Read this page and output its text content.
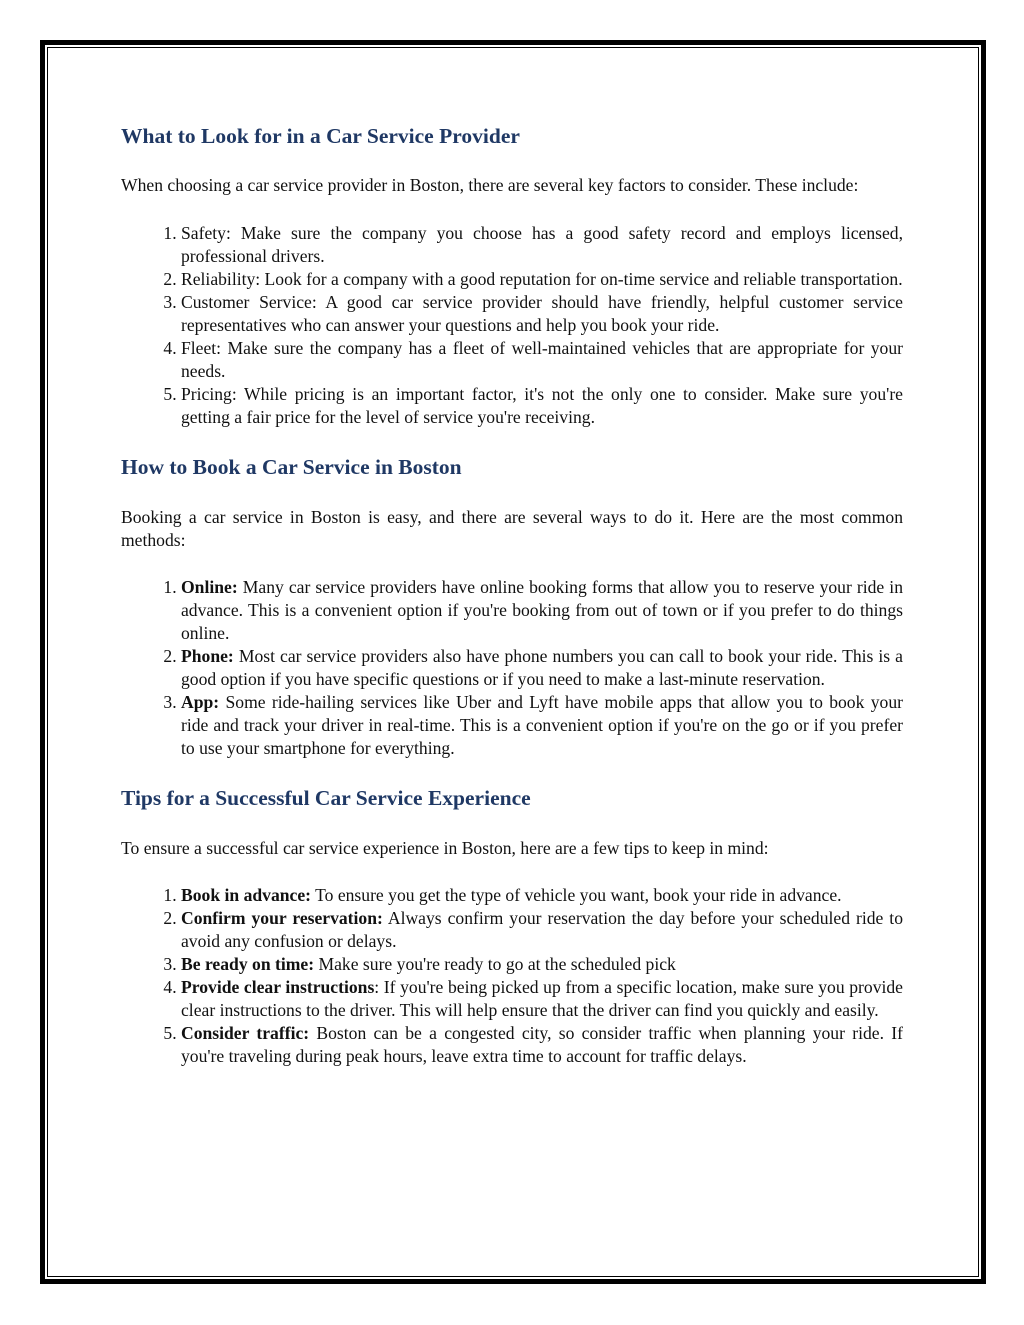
What to Look for in a Car Service Provider

When choosing a car service provider in Boston, there are several key factors to consider. These include:

1. Safety: Make sure the company you choose has a good safety record and employs licensed, professional drivers.
2. Reliability: Look for a company with a good reputation for on-time service and reliable transportation.
3. Customer Service: A good car service provider should have friendly, helpful customer service representatives who can answer your questions and help you book your ride.
4. Fleet: Make sure the company has a fleet of well-maintained vehicles that are appropriate for your needs.
5. Pricing: While pricing is an important factor, it's not the only one to consider. Make sure you're getting a fair price for the level of service you're receiving.
How to Book a Car Service in Boston

Booking a car service in Boston is easy, and there are several ways to do it. Here are the most common methods:

1. Online: Many car service providers have online booking forms that allow you to reserve your ride in advance. This is a convenient option if you're booking from out of town or if you prefer to do things online.
2. Phone: Most car service providers also have phone numbers you can call to book your ride. This is a good option if you have specific questions or if you need to make a last-minute reservation.
3. App: Some ride-hailing services like Uber and Lyft have mobile apps that allow you to book your ride and track your driver in real-time. This is a convenient option if you're on the go or if you prefer to use your smartphone for everything.
Tips for a Successful Car Service Experience

To ensure a successful car service experience in Boston, here are a few tips to keep in mind:

1. Book in advance: To ensure you get the type of vehicle you want, book your ride in advance.
2. Confirm your reservation: Always confirm your reservation the day before your scheduled ride to avoid any confusion or delays.
3. Be ready on time: Make sure you're ready to go at the scheduled pick
4. Provide clear instructions: If you're being picked up from a specific location, make sure you provide clear instructions to the driver. This will help ensure that the driver can find you quickly and easily.
5. Consider traffic: Boston can be a congested city, so consider traffic when planning your ride. If you're traveling during peak hours, leave extra time to account for traffic delays.
